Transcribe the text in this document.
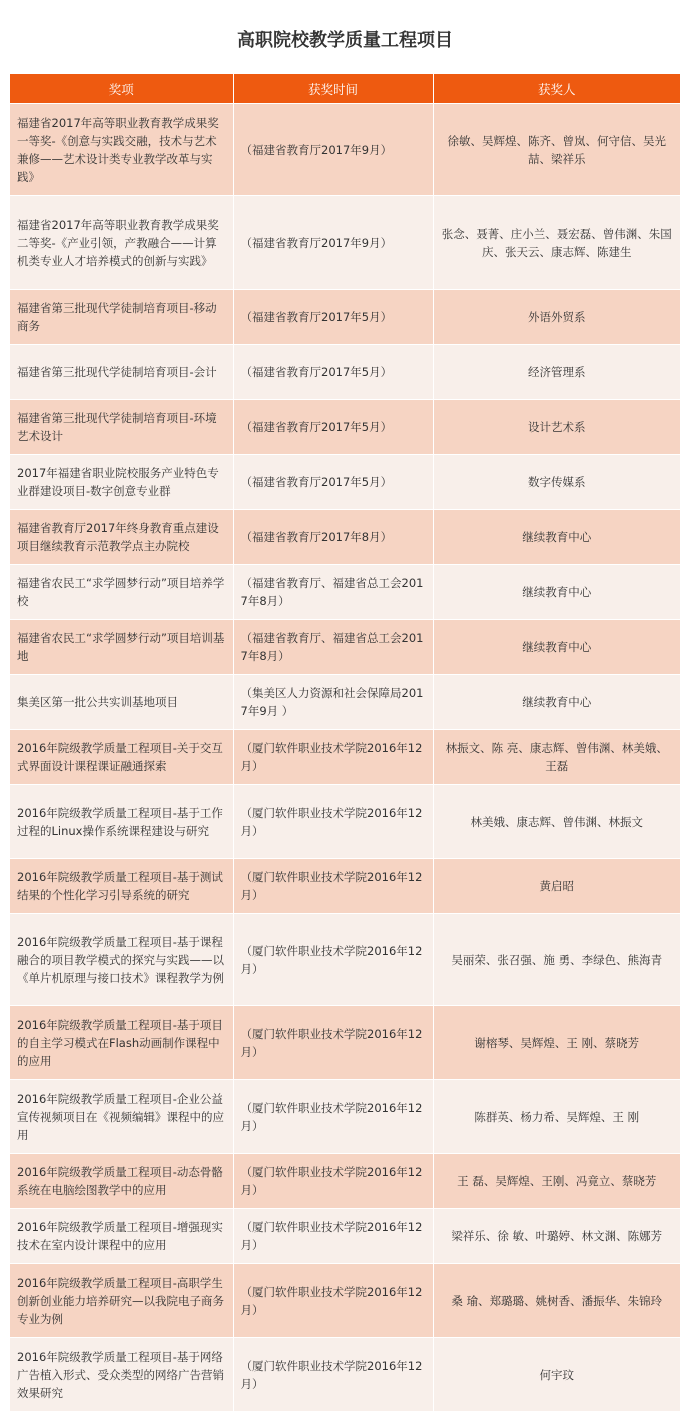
高职院校教学质量工程项目
奖项	获奖时间	获奖人
福建省2017年高等职业教育教学成果奖一等奖-《创意与实践交融，技术与艺术兼修——艺术设计类专业教学改革与实践》	（福建省教育厅2017年9月）	徐敏、吴辉煌、陈齐、曾岚、何守信、吴光喆、梁祥乐
福建省2017年高等职业教育教学成果奖二等奖-《产业引领，产教融合——计算机类专业人才培养模式的创新与实践》	（福建省教育厅2017年9月）	张念、聂菁、庄小兰、聂宏磊、曾伟渊、朱国庆、张天云、康志辉、陈建生
福建省第三批现代学徒制培育项目-移动商务	（福建省教育厅2017年5月）	外语外贸系
福建省第三批现代学徒制培育项目-会计	（福建省教育厅2017年5月）	经济管理系
福建省第三批现代学徒制培育项目-环境艺术设计	（福建省教育厅2017年5月）	设计艺术系
2017年福建省职业院校服务产业特色专业群建设项目-数字创意专业群	（福建省教育厅2017年5月）	数字传媒系
福建省教育厅2017年终身教育重点建设项目继续教育示范教学点主办院校	（福建省教育厅2017年8月）	继续教育中心
福建省农民工“求学圆梦行动”项目培养学校	（福建省教育厅、福建省总工会2017年8月）	继续教育中心
福建省农民工“求学圆梦行动”项目培训基地	（福建省教育厅、福建省总工会2017年8月）	继续教育中心
集美区第一批公共实训基地项目	（集美区人力资源和社会保障局2017年9月 ）	继续教育中心
2016年院级教学质量工程项目-关于交互式界面设计课程课证融通探索	（厦门软件职业技术学院2016年12月）	林振文、陈 亮、康志辉、曾伟渊、林美娥、王磊
2016年院级教学质量工程项目-基于工作过程的Linux操作系统课程建设与研究	（厦门软件职业技术学院2016年12月）	林美娥、康志辉、曾伟渊、林振文
2016年院级教学质量工程项目-基于测试结果的个性化学习引导系统的研究	（厦门软件职业技术学院2016年12月）	黄启昭
2016年院级教学质量工程项目-基于课程融合的项目教学模式的探究与实践——以《单片机原理与接口技术》课程教学为例	（厦门软件职业技术学院2016年12月）	吴丽荣、张召强、施 勇、李绿色、熊海青
2016年院级教学质量工程项目-基于项目的自主学习模式在Flash动画制作课程中的应用	（厦门软件职业技术学院2016年12月）	谢榕琴、吴辉煌、王 刚、蔡晓芳
2016年院级教学质量工程项目-企业公益宣传视频项目在《视频编辑》课程中的应用	（厦门软件职业技术学院2016年12月）	陈群英、杨力希、吴辉煌、王 刚
2016年院级教学质量工程项目-动态骨骼系统在电脑绘图教学中的应用	（厦门软件职业技术学院2016年12月）	王 磊、吴辉煌、王刚、冯竟立、蔡晓芳
2016年院级教学质量工程项目-增强现实技术在室内设计课程中的应用	（厦门软件职业技术学院2016年12月）	梁祥乐、徐 敏、叶璐婷、林文渊、陈娜芳
2016年院级教学质量工程项目-高职学生创新创业能力培养研究—以我院电子商务专业为例	（厦门软件职业技术学院2016年12月）	桑 瑜、郑璐璐、姚树香、潘振华、朱锦玲
2016年院级教学质量工程项目-基于网络广告植入形式、受众类型的网络广告营销效果研究	（厦门软件职业技术学院2016年12月）	何宇玟
